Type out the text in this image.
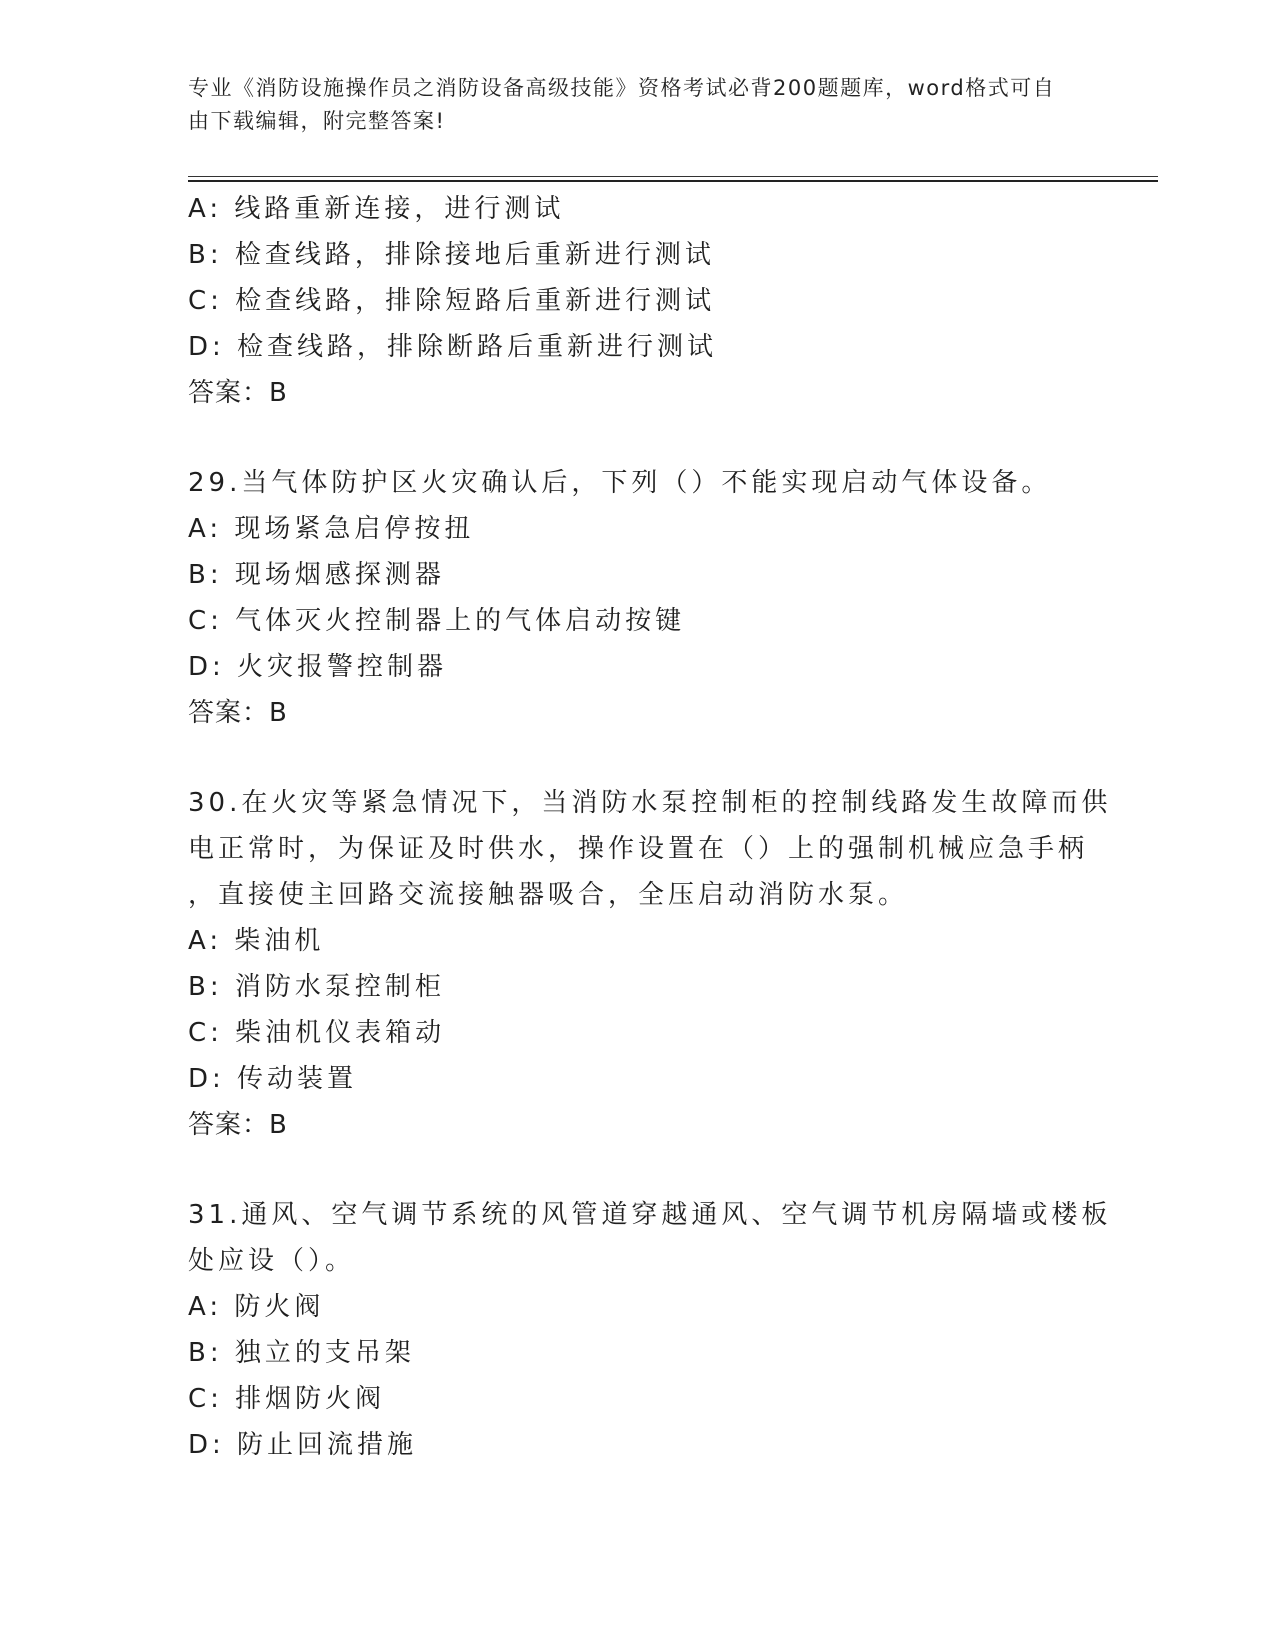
专业《消防设施操作员之消防设备高级技能》资格考试必背200题题库，word格式可自由下载编辑，附完整答案!
A: 线路重新连接，进行测试
B: 检查线路，排除接地后重新进行测试
C: 检查线路，排除短路后重新进行测试
D: 检查线路，排除断路后重新进行测试
答案：B
29.当气体防护区火灾确认后，下列（）不能实现启动气体设备。
A: 现场紧急启停按扭
B: 现场烟感探测器
C: 气体灭火控制器上的气体启动按键
D: 火灾报警控制器
答案：B
30.在火灾等紧急情况下，当消防水泵控制柜的控制线路发生故障而供
电正常时，为保证及时供水，操作设置在（）上的强制机械应急手柄
，直接使主回路交流接触器吸合，全压启动消防水泵。
A: 柴油机
B: 消防水泵控制柜
C: 柴油机仪表箱动
D: 传动装置
答案：B
31.通风、空气调节系统的风管道穿越通风、空气调节机房隔墙或楼板
处应设（）。
A: 防火阀
B: 独立的支吊架
C: 排烟防火阀
D: 防止回流措施
